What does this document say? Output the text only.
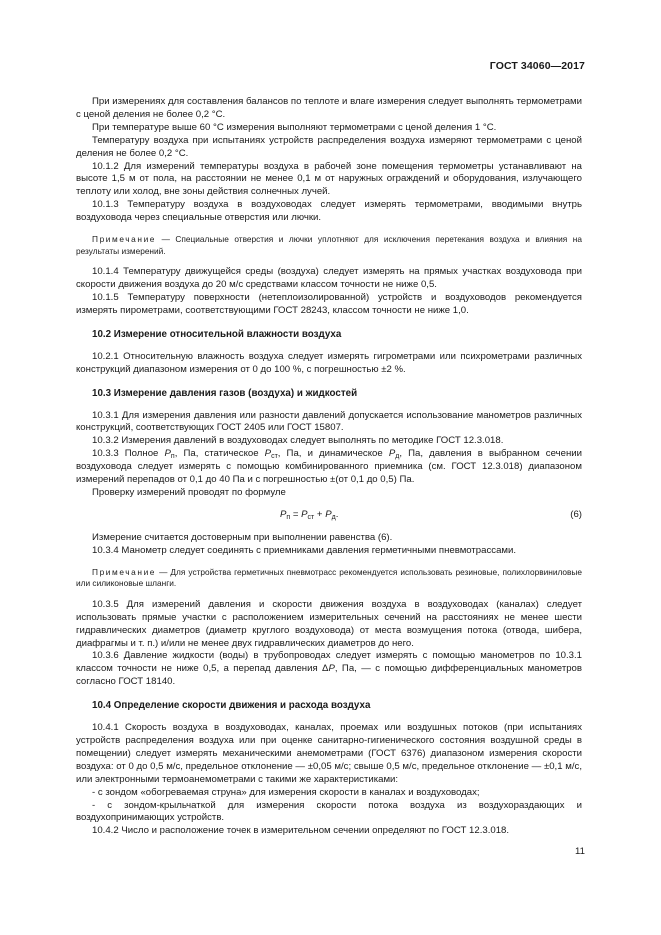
ГОСТ 34060—2017

При измерениях для составления балансов по теплоте и влаге измерения следует выполнять термометрами с ценой деления не более 0,2 °С.

При температуре выше 60 °С измерения выполняют термометрами с ценой деления 1 °С.

Температуру воздуха при испытаниях устройств распределения воздуха измеряют термометрами с ценой деления не более 0,2 °С.

10.1.2 Для измерений температуры воздуха в рабочей зоне помещения термометры устанавливают на высоте 1,5 м от пола, на расстоянии не менее 0,1 м от наружных ограждений и оборудования, излучающего теплоту или холод, вне зоны действия солнечных лучей.

10.1.3 Температуру воздуха в воздуховодах следует измерять термометрами, вводимыми внутрь воздуховода через специальные отверстия или лючки.

Примечание — Специальные отверстия и лючки уплотняют для исключения перетекания воздуха и влияния на результаты измерений.

10.1.4 Температуру движущейся среды (воздуха) следует измерять на прямых участках воздуховода при скорости движения воздуха до 20 м/с средствами классом точности не ниже 0,5.

10.1.5 Температуру поверхности (нетеплоизолированной) устройств и воздуховодов рекомендуется измерять пирометрами, соответствующими ГОСТ 28243, классом точности не ниже 1,0.

10.2 Измерение относительной влажности воздуха

10.2.1 Относительную влажность воздуха следует измерять гигрометрами или психрометрами различных конструкций диапазоном измерения от 0 до 100 %, с погрешностью ±2 %.

10.3 Измерение давления газов (воздуха) и жидкостей

10.3.1 Для измерения давления или разности давлений допускается использование манометров различных конструкций, соответствующих ГОСТ 2405 или ГОСТ 15807.

10.3.2 Измерения давлений в воздуховодах следует выполнять по методике ГОСТ 12.3.018.

10.3.3 Полное $P_п$, Па, статическое $P_{ст}$, Па, и динамическое $P_д$, Па, давления в выбранном сечении воздуховода следует измерять с помощью комбинированного приемника (см. ГОСТ 12.3.018) диапазоном измерений перепадов от 0,1 до 40 Па и с погрешностью ±(от 0,1 до 0,5) Па.

Проверку измерений проводят по формуле

$P_п = P_{ст} + P_д$.	(6)

Измерение считается достоверным при выполнении равенства (6).

10.3.4 Манометр следует соединять с приемниками давления герметичными пневмотрассами.

Примечание — Для устройства герметичных пневмотрасс рекомендуется использовать резиновые, полихлорвиниловые или силиконовые шланги.

10.3.5 Для измерений давления и скорости движения воздуха в воздуховодах (каналах) следует использовать прямые участки с расположением измерительных сечений на расстояниях не менее шести гидравлических диаметров (диаметр круглого воздуховода) от места возмущения потока (отвода, шибера, диафрагмы и т. п.) и/или не менее двух гидравлических диаметров до него.

10.3.6 Давление жидкости (воды) в трубопроводах следует измерять с помощью манометров по 10.3.1 классом точности не ниже 0,5, а перепад давления ΔP, Па, — с помощью дифференциальных манометров согласно ГОСТ 18140.

10.4 Определение скорости движения и расхода воздуха

10.4.1 Скорость воздуха в воздуховодах, каналах, проемах или воздушных потоков (при испытаниях устройств распределения воздуха или при оценке санитарно-гигиенического состояния воздушной среды в помещении) следует измерять механическими анемометрами (ГОСТ 6376) диапазоном измерения скорости воздуха: от 0 до 0,5 м/с, предельное отклонение — ±0,05 м/с; свыше 0,5 м/с, предельное отклонение — ±0,1 м/с, или электронными термоанемометрами с такими же характеристиками:

- с зондом «обогреваемая струна» для измерения скорости в каналах и воздуховодах;

- с зондом-крыльчаткой для измерения скорости потока воздуха из воздухораздающих и воздухопринимающих устройств.

10.4.2 Число и расположение точек в измерительном сечении определяют по ГОСТ 12.3.018.

11
